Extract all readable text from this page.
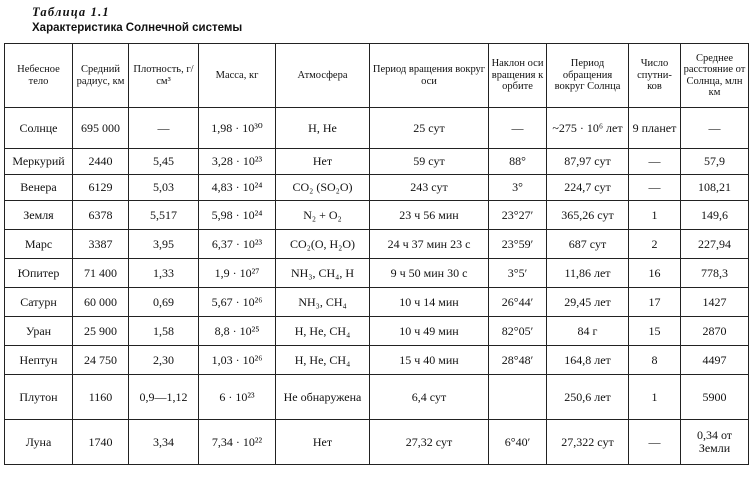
Таблица 1.1
Характеристика Солнечной системы
Небесное тело	Средний радиус, км	Плотность, г/см³	Масса, кг	Атмосфера	Период вращения вокруг оси	Наклон оси вращения к орбите	Период обращения вокруг Солнца	Число спутни-ков	Среднее расстояние от Солнца, млн км
Солнце	695 000	—	1,98 · 10³⁰	H, He	25 сут	—	~275 · 10⁶ лет	9 планет	—
Меркурий	2440	5,45	3,28 · 10²³	Нет	59 сут	88°	87,97 сут	—	57,9
Венера	6129	5,03	4,83 · 10²⁴	CO₂ (SO₂O)	243 сут	3°	224,7 сут	—	108,21
Земля	6378	5,517	5,98 · 10²⁴	N₂ + O₂	23 ч 56 мин	23°27′	365,26 сут	1	149,6
Марс	3387	3,95	6,37 · 10²³	CO₂(O, H₂O)	24 ч 37 мин 23 с	23°59′	687 сут	2	227,94
Юпитер	71 400	1,33	1,9 · 10²⁷	NH₃, CH₄, H	9 ч 50 мин 30 с	3°5′	11,86 лет	16	778,3
Сатурн	60 000	0,69	5,67 · 10²⁶	NH₃, CH₄	10 ч 14 мин	26°44′	29,45 лет	17	1427
Уран	25 900	1,58	8,8 · 10²⁵	H, He, CH₄	10 ч 49 мин	82°05′	84 г	15	2870
Нептун	24 750	2,30	1,03 · 10²⁶	H, He, CH₄	15 ч 40 мин	28°48′	164,8 лет	8	4497
Плутон	1160	0,9—1,12	6 · 10²³	Не обнаружена	6,4 сут		250,6 лет	1	5900
Луна	1740	3,34	7,34 · 10²²	Нет	27,32 сут	6°40′	27,322 сут	—	0,34 от Земли
